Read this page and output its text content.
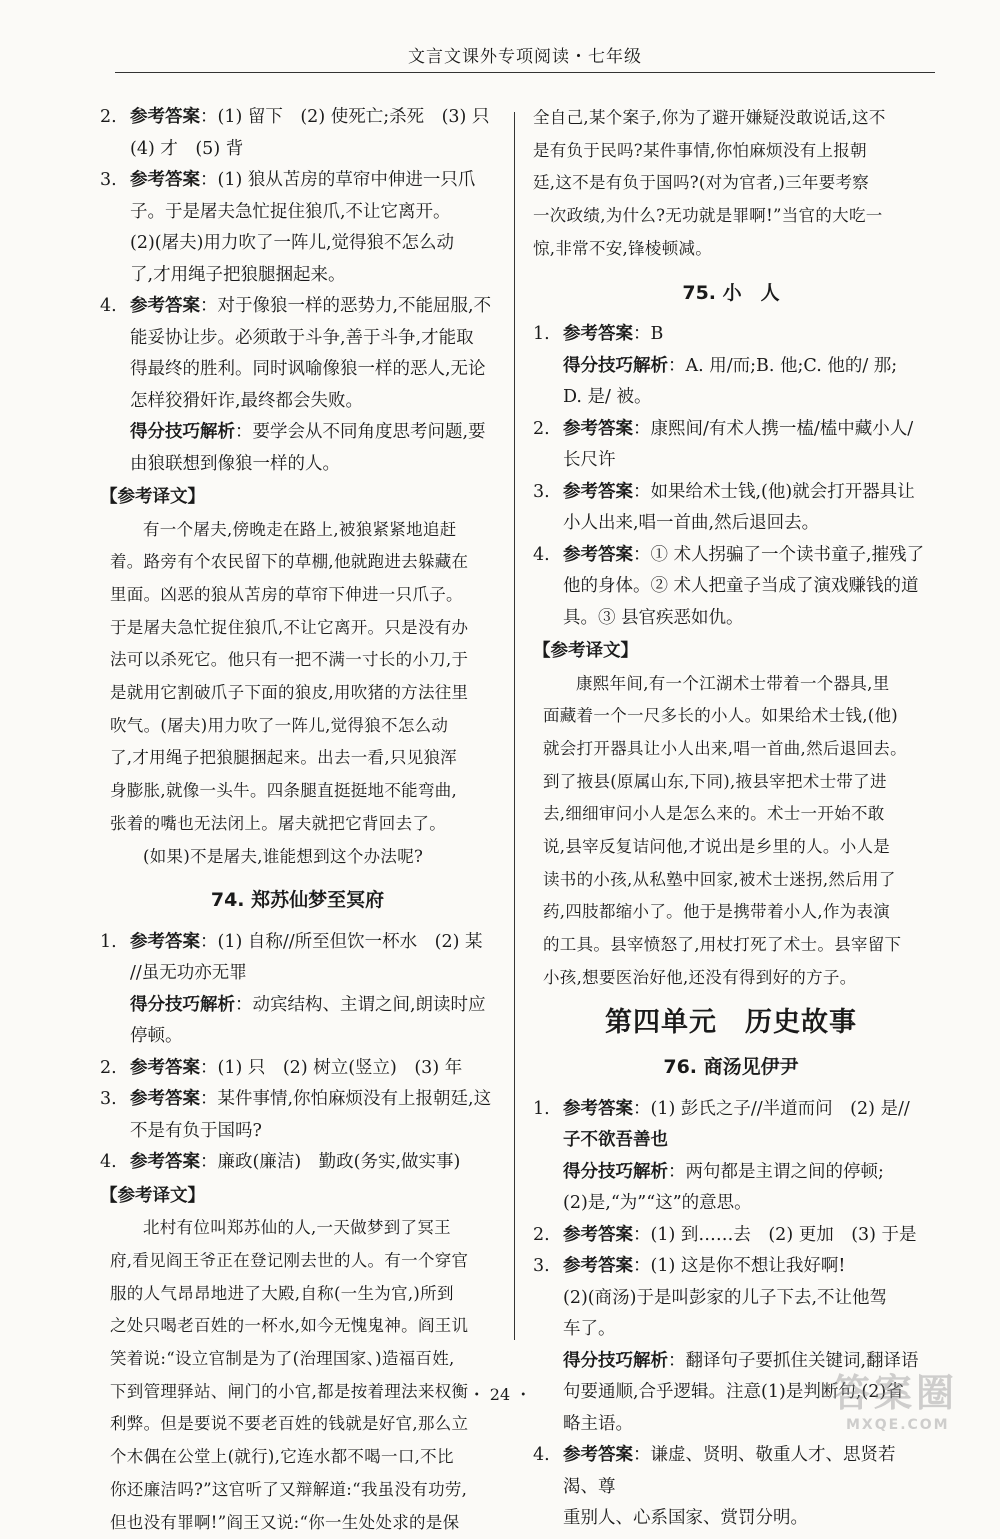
文言文课外专项阅读・七年级
2. 参考答案：(1) 留下　(2) 使死亡;杀死　(3) 只
(4) 才　(5) 背
3. 参考答案：(1) 狼从苫房的草帘中伸进一只爪
子。于是屠夫急忙捉住狼爪,不让它离开。
(2)(屠夫)用力吹了一阵儿,觉得狼不怎么动
了,才用绳子把狼腿捆起来。
4. 参考答案：对于像狼一样的恶势力,不能屈服,不
能妥协让步。必须敢于斗争,善于斗争,才能取
得最终的胜利。同时讽喻像狼一样的恶人,无论
怎样狡猾奸诈,最终都会失败。
得分技巧解析：要学会从不同角度思考问题,要
由狼联想到像狼一样的人。
【参考译文】
有一个屠夫,傍晚走在路上,被狼紧紧地追赶
着。路旁有个农民留下的草棚,他就跑进去躲藏在
里面。凶恶的狼从苫房的草帘下伸进一只爪子。
于是屠夫急忙捉住狼爪,不让它离开。只是没有办
法可以杀死它。他只有一把不满一寸长的小刀,于
是就用它割破爪子下面的狼皮,用吹猪的方法往里
吹气。(屠夫)用力吹了一阵儿,觉得狼不怎么动
了,才用绳子把狼腿捆起来。出去一看,只见狼浑
身膨胀,就像一头牛。四条腿直挺挺地不能弯曲,
张着的嘴也无法闭上。屠夫就把它背回去了。
(如果)不是屠夫,谁能想到这个办法呢?
74. 郑苏仙梦至冥府
1. 参考答案：(1) 自称//所至但饮一杯水　(2) 某
//虽无功亦无罪
得分技巧解析：动宾结构、主谓之间,朗读时应
停顿。
2. 参考答案：(1) 只　(2) 树立(竖立)　(3) 年
3. 参考答案：某件事情,你怕麻烦没有上报朝廷,这
不是有负于国吗?
4. 参考答案：廉政(廉洁)　勤政(务实,做实事)
【参考译文】
北村有位叫郑苏仙的人,一天做梦到了冥王
府,看见阎王爷正在登记刚去世的人。有一个穿官
服的人气昂昂地进了大殿,自称(一生为官,)所到
之处只喝老百姓的一杯水,如今无愧鬼神。阎王讥
笑着说:“设立官制是为了(治理国家、)造福百姓,
下到管理驿站、闸门的小官,都是按着理法来权衡
利弊。但是要说不要老百姓的钱就是好官,那么立
个木偶在公堂上(就行),它连水都不喝一口,不比
你还廉洁吗?”这官听了又辩解道:“我虽没有功劳,
但也没有罪啊!”阎王又说:“你一生处处求的是保
全自己,某个案子,你为了避开嫌疑没敢说话,这不
是有负于民吗?某件事情,你怕麻烦没有上报朝
廷,这不是有负于国吗?(对为官者,)三年要考察
一次政绩,为什么?无功就是罪啊!”当官的大吃一
惊,非常不安,锋棱顿减。
75. 小　人
1. 参考答案：B
得分技巧解析：A. 用/而;B. 他;C. 他的/ 那;
D. 是/ 被。
2. 参考答案：康熙间/有术人携一榼/榼中藏小人/
长尺许
3. 参考答案：如果给术士钱,(他)就会打开器具让
小人出来,唱一首曲,然后退回去。
4. 参考答案：① 术人拐骗了一个读书童子,摧残了
他的身体。② 术人把童子当成了演戏赚钱的道
具。③ 县官疾恶如仇。
【参考译文】
康熙年间,有一个江湖术士带着一个器具,里
面藏着一个一尺多长的小人。如果给术士钱,(他)
就会打开器具让小人出来,唱一首曲,然后退回去。
到了掖县(原属山东,下同),掖县宰把术士带了进
去,细细审问小人是怎么来的。术士一开始不敢
说,县宰反复诘问他,才说出是乡里的人。小人是
读书的小孩,从私塾中回家,被术士迷拐,然后用了
药,四肢都缩小了。他于是携带着小人,作为表演
的工具。县宰愤怒了,用杖打死了术士。县宰留下
小孩,想要医治好他,还没有得到好的方子。
第四单元　历史故事
76. 商汤见伊尹
1. 参考答案：(1) 彭氏之子//半道而问　(2) 是//
子不欲吾善也
得分技巧解析：两句都是主谓之间的停顿;
(2)是,“为”“这”的意思。
2. 参考答案：(1) 到……去　(2) 更加　(3) 于是
3. 参考答案：(1) 这是你不想让我好啊!
(2)(商汤)于是叫彭家的儿子下去,不让他驾
车了。
得分技巧解析：翻译句子要抓住关键词,翻译语
句要通顺,合乎逻辑。注意(1)是判断句,(2)省
略主语。
4. 参考答案：谦虚、贤明、敬重人才、思贤若渴、尊
重别人、心系国家、赏罚分明。
・ 24 ・	答案圈
MXQE.COM
